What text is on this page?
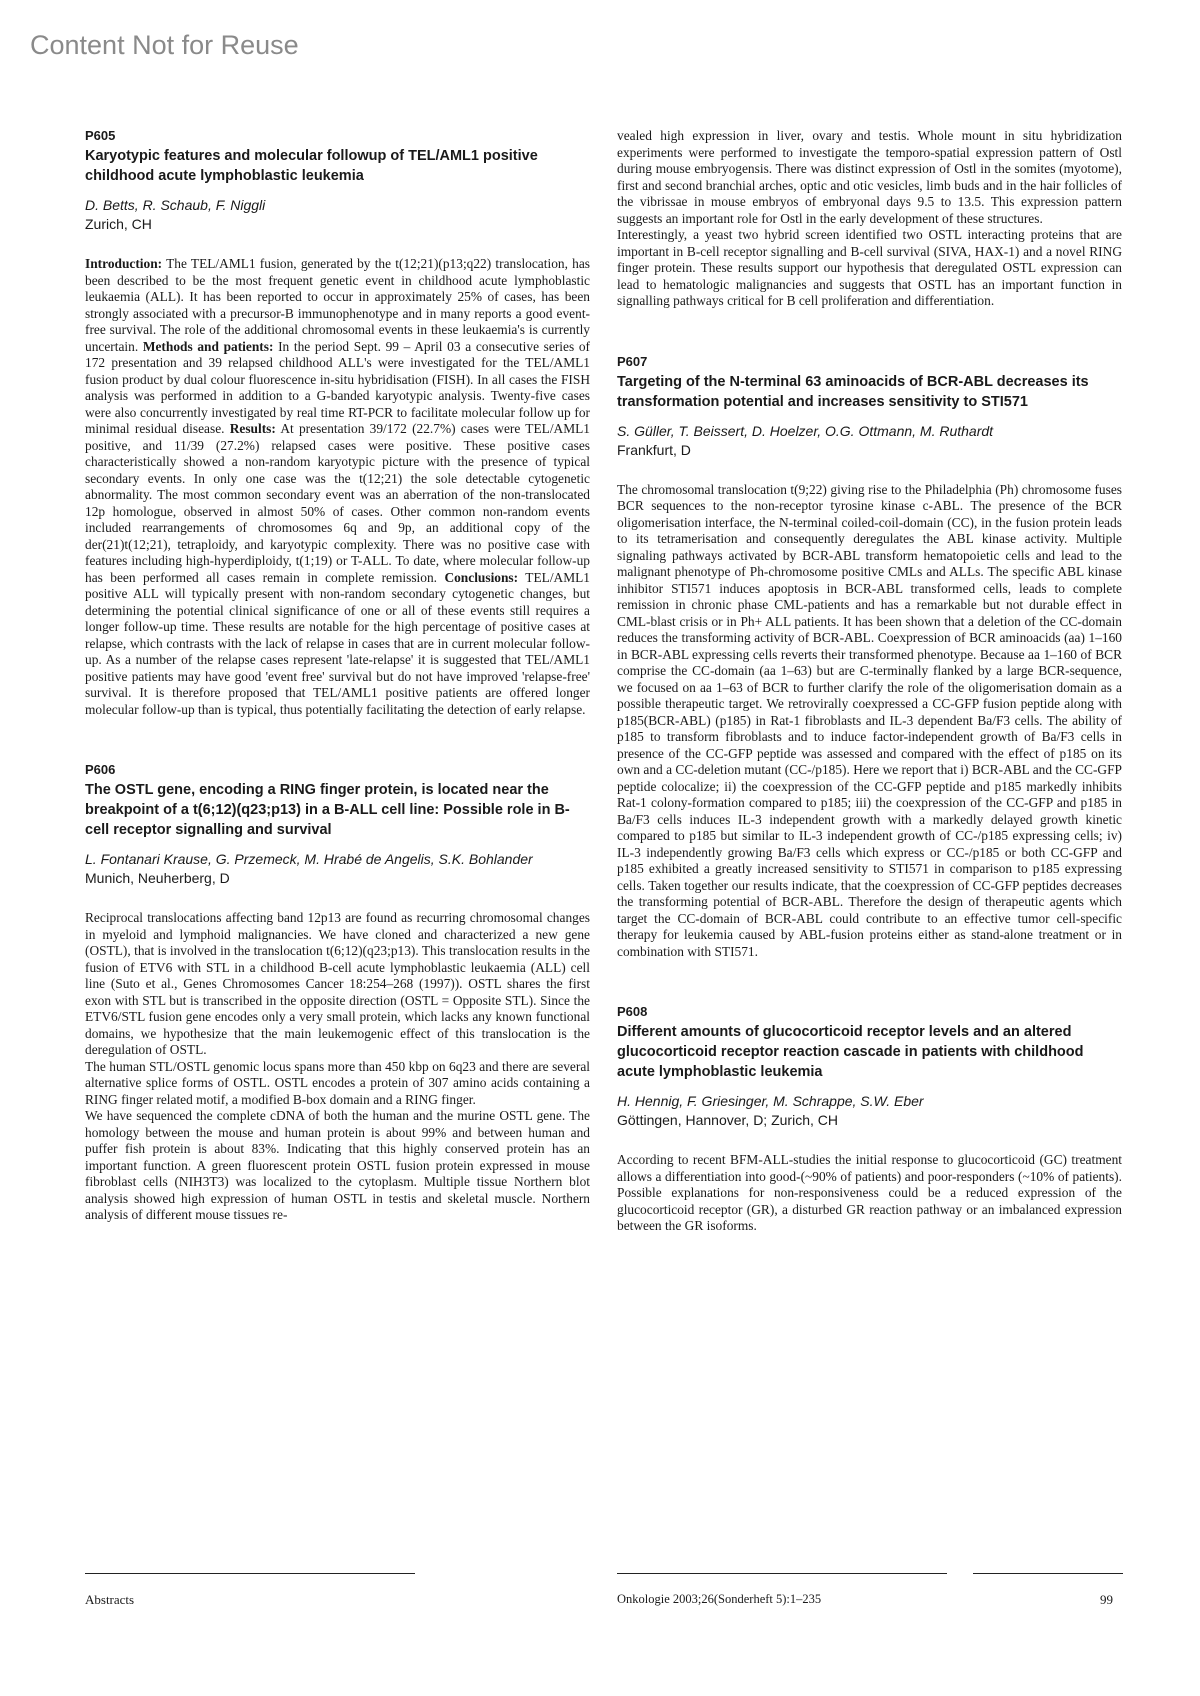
Content Not for Reuse

P605

Karyotypic features and molecular followup of TEL/AML1 positive childhood acute lymphoblastic leukemia

D. Betts, R. Schaub, F. Niggli

Zurich, CH

Introduction: The TEL/AML1 fusion, generated by the t(12;21)(p13;q22) translocation, has been described to be the most frequent genetic event in childhood acute lymphoblastic leukaemia (ALL). It has been reported to occur in approximately 25% of cases, has been strongly associated with a precursor-B immunophenotype and in many reports a good event-free survival. The role of the additional chromosomal events in these leukaemia's is currently uncertain. Methods and patients: In the period Sept. 99 – April 03 a consecutive series of 172 presentation and 39 relapsed childhood ALL's were investigated for the TEL/AML1 fusion product by dual colour fluorescence in-situ hybridisation (FISH). In all cases the FISH analysis was performed in addition to a G-banded karyotypic analysis. Twenty-five cases were also concurrently investigated by real time RT-PCR to facilitate molecular follow up for minimal residual disease. Results: At presentation 39/172 (22.7%) cases were TEL/AML1 positive, and 11/39 (27.2%) relapsed cases were positive. These positive cases characteristically showed a non-random karyotypic picture with the presence of typical secondary events. In only one case was the t(12;21) the sole detectable cytogenetic abnormality. The most common secondary event was an aberration of the non-translocated 12p homologue, observed in almost 50% of cases. Other common non-random events included rearrangements of chromosomes 6q and 9p, an additional copy of the der(21)t(12;21), tetraploidy, and karyotypic complexity. There was no positive case with features including high-hyperdiploidy, t(1;19) or T-ALL. To date, where molecular follow-up has been performed all cases remain in complete remission. Conclusions: TEL/AML1 positive ALL will typically present with non-random secondary cytogenetic changes, but determining the potential clinical significance of one or all of these events still requires a longer follow-up time. These results are notable for the high percentage of positive cases at relapse, which contrasts with the lack of relapse in cases that are in current molecular follow-up. As a number of the relapse cases represent 'late-relapse' it is suggested that TEL/AML1 positive patients may have good 'event free' survival but do not have improved 'relapse-free' survival. It is therefore proposed that TEL/AML1 positive patients are offered longer molecular follow-up than is typical, thus potentially facilitating the detection of early relapse.

P606

The OSTL gene, encoding a RING finger protein, is located near the breakpoint of a t(6;12)(q23;p13) in a B-ALL cell line: Possible role in B-cell receptor signalling and survival

L. Fontanari Krause, G. Przemeck, M. Hrabé de Angelis, S.K. Bohlander

Munich, Neuherberg, D

Reciprocal translocations affecting band 12p13 are found as recurring chromosomal changes in myeloid and lymphoid malignancies. We have cloned and characterized a new gene (OSTL), that is involved in the translocation t(6;12)(q23;p13). This translocation results in the fusion of ETV6 with STL in a childhood B-cell acute lymphoblastic leukaemia (ALL) cell line (Suto et al., Genes Chromosomes Cancer 18:254–268 (1997)). OSTL shares the first exon with STL but is transcribed in the opposite direction (OSTL = Opposite STL). Since the ETV6/STL fusion gene encodes only a very small protein, which lacks any known functional domains, we hypothesize that the main leukemogenic effect of this translocation is the deregulation of OSTL.

The human STL/OSTL genomic locus spans more than 450 kbp on 6q23 and there are several alternative splice forms of OSTL. OSTL encodes a protein of 307 amino acids containing a RING finger related motif, a modified B-box domain and a RING finger.

We have sequenced the complete cDNA of both the human and the murine OSTL gene. The homology between the mouse and human protein is about 99% and between human and puffer fish protein is about 83%. Indicating that this highly conserved protein has an important function. A green fluorescent protein OSTL fusion protein expressed in mouse fibroblast cells (NIH3T3) was localized to the cytoplasm. Multiple tissue Northern blot analysis showed high expression of human OSTL in testis and skeletal muscle. Northern analysis of different mouse tissues re-

vealed high expression in liver, ovary and testis. Whole mount in situ hybridization experiments were performed to investigate the temporo-spatial expression pattern of Ostl during mouse embryogensis. There was distinct expression of Ostl in the somites (myotome), first and second branchial arches, optic and otic vesicles, limb buds and in the hair follicles of the vibrissae in mouse embryos of embryonal days 9.5 to 13.5. This expression pattern suggests an important role for Ostl in the early development of these structures.

Interestingly, a yeast two hybrid screen identified two OSTL interacting proteins that are important in B-cell receptor signalling and B-cell survival (SIVA, HAX-1) and a novel RING finger protein. These results support our hypothesis that deregulated OSTL expression can lead to hematologic malignancies and suggests that OSTL has an important function in signalling pathways critical for B cell proliferation and differentiation.

P607

Targeting of the N-terminal 63 aminoacids of BCR-ABL decreases its transformation potential and increases sensitivity to STI571

S. Güller, T. Beissert, D. Hoelzer, O.G. Ottmann, M. Ruthardt

Frankfurt, D

The chromosomal translocation t(9;22) giving rise to the Philadelphia (Ph) chromosome fuses BCR sequences to the non-receptor tyrosine kinase c-ABL. The presence of the BCR oligomerisation interface, the N-terminal coiled-coil-domain (CC), in the fusion protein leads to its tetramerisation and consequently deregulates the ABL kinase activity. Multiple signaling pathways activated by BCR-ABL transform hematopoietic cells and lead to the malignant phenotype of Ph-chromosome positive CMLs and ALLs. The specific ABL kinase inhibitor STI571 induces apoptosis in BCR-ABL transformed cells, leads to complete remission in chronic phase CML-patients and has a remarkable but not durable effect in CML-blast crisis or in Ph+ ALL patients. It has been shown that a deletion of the CC-domain reduces the transforming activity of BCR-ABL. Coexpression of BCR aminoacids (aa) 1–160 in BCR-ABL expressing cells reverts their transformed phenotype. Because aa 1–160 of BCR comprise the CC-domain (aa 1–63) but are C-terminally flanked by a large BCR-sequence, we focused on aa 1–63 of BCR to further clarify the role of the oligomerisation domain as a possible therapeutic target. We retrovirally coexpressed a CC-GFP fusion peptide along with p185(BCR-ABL) (p185) in Rat-1 fibroblasts and IL-3 dependent Ba/F3 cells. The ability of p185 to transform fibroblasts and to induce factor-independent growth of Ba/F3 cells in presence of the CC-GFP peptide was assessed and compared with the effect of p185 on its own and a CC-deletion mutant (CC-/p185). Here we report that i) BCR-ABL and the CC-GFP peptide colocalize; ii) the coexpression of the CC-GFP peptide and p185 markedly inhibits Rat-1 colony-formation compared to p185; iii) the coexpression of the CC-GFP and p185 in Ba/F3 cells induces IL-3 independent growth with a markedly delayed growth kinetic compared to p185 but similar to IL-3 independent growth of CC-/p185 expressing cells; iv) IL-3 independently growing Ba/F3 cells which express or CC-/p185 or both CC-GFP and p185 exhibited a greatly increased sensitivity to STI571 in comparison to p185 expressing cells. Taken together our results indicate, that the coexpression of CC-GFP peptides decreases the transforming potential of BCR-ABL. Therefore the design of therapeutic agents which target the CC-domain of BCR-ABL could contribute to an effective tumor cell-specific therapy for leukemia caused by ABL-fusion proteins either as stand-alone treatment or in combination with STI571.

P608

Different amounts of glucocorticoid receptor levels and an altered glucocorticoid receptor reaction cascade in patients with childhood acute lymphoblastic leukemia

H. Hennig, F. Griesinger, M. Schrappe, S.W. Eber

Göttingen, Hannover, D; Zurich, CH

According to recent BFM-ALL-studies the initial response to glucocorticoid (GC) treatment allows a differentiation into good-(~90% of patients) and poor-responders (~10% of patients). Possible explanations for non-responsiveness could be a reduced expression of the glucocorticoid receptor (GR), a disturbed GR reaction pathway or an imbalanced expression between the GR isoforms.

Abstracts	Onkologie 2003;26(Sonderheft 5):1–235	99
